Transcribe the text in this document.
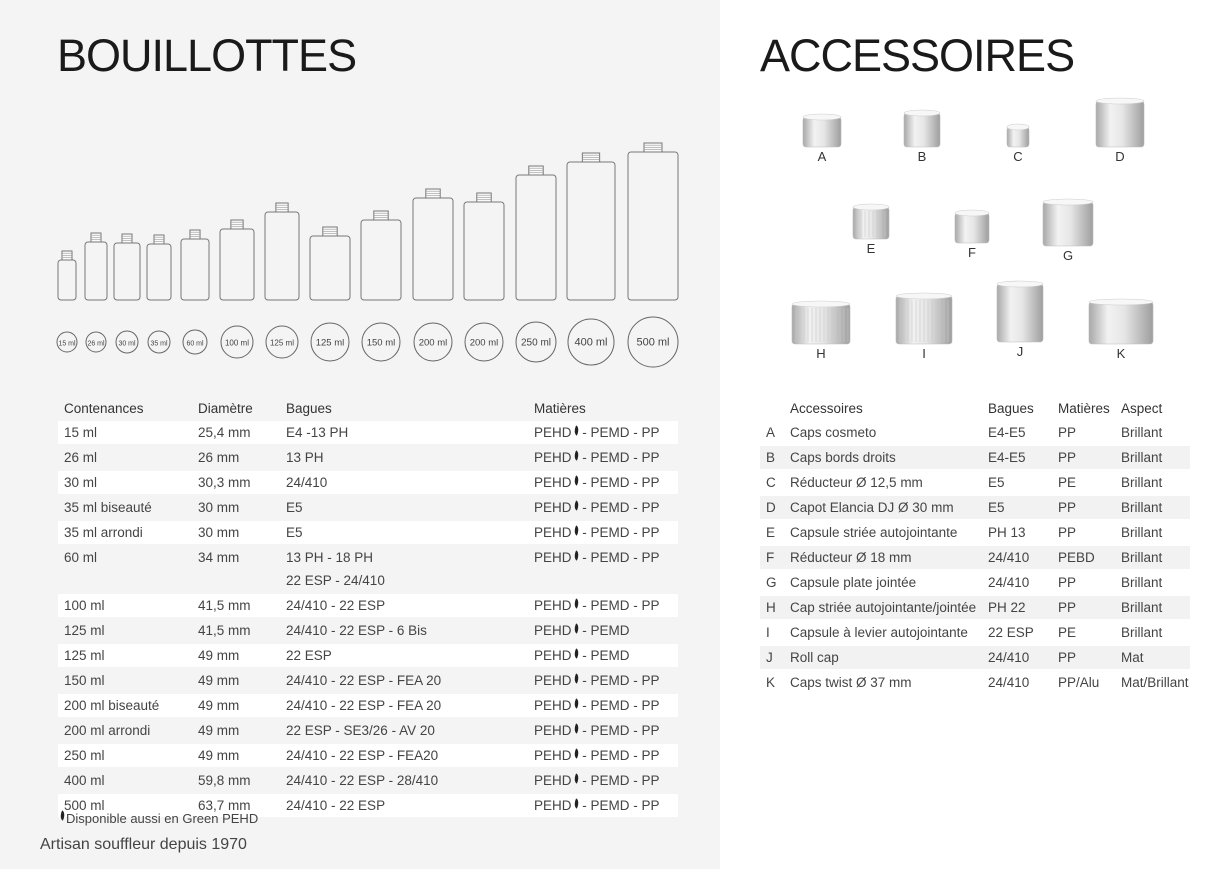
BOUILLOTTES	ACCESSOIRES
15 ml 26 ml 30 ml 35 ml	60 ml	100 ml	125 ml 125 ml 150 ml 200 ml 200 ml 250 ml 400 ml	500 ml
A	B	C	D
E	F	G
H	I	J	K
Contenances	Diamètre	Bagues	Matières
15 ml	25,4 mm	E4 -13 PH	PEHD - PEMD - PP
26 ml	26 mm	13 PH	PEHD - PEMD - PP
30 ml	30,3 mm	24/410	PEHD - PEMD - PP
35 ml biseauté	30 mm	E5	PEHD - PEMD - PP
35 ml arrondi	30 mm	E5	PEHD - PEMD - PP
60 ml	34 mm	13 PH - 18 PH	PEHD - PEMD - PP
		22 ESP - 24/410	
100 ml	41,5 mm	24/410 - 22 ESP	PEHD - PEMD - PP
125 ml	41,5 mm	24/410 - 22 ESP - 6 Bis	PEHD - PEMD
125 ml	49 mm	22 ESP	PEHD - PEMD
150 ml	49 mm	24/410 - 22 ESP - FEA 20	PEHD - PEMD - PP
200 ml biseauté	49 mm	24/410 - 22 ESP - FEA 20	PEHD - PEMD - PP
200 ml arrondi	49 mm	22 ESP - SE3/26 - AV 20	PEHD - PEMD - PP
250 ml	49 mm	24/410 - 22 ESP - FEA20	PEHD - PEMD - PP
400 ml	59,8 mm	24/410 - 22 ESP - 28/410	PEHD - PEMD - PP
500 ml	63,7 mm	24/410 - 22 ESP	PEHD - PEMD - PP
Disponible aussi en Green PEHD
Artisan souffleur depuis 1970
	Accessoires	Bagues	Matières	Aspect
A	Caps cosmeto	E4-E5	PP	Brillant
B	Caps bords droits	E4-E5	PP	Brillant
C	Réducteur Ø 12,5 mm	E5	PE	Brillant
D	Capot Elancia DJ Ø 30 mm	E5	PP	Brillant
E	Capsule striée autojointante	PH 13	PP	Brillant
F	Réducteur Ø 18 mm	24/410	PEBD	Brillant
G	Capsule plate jointée	24/410	PP	Brillant
H	Cap striée autojointante/jointée	PH 22	PP	Brillant
I	Capsule à levier autojointante	22 ESP	PE	Brillant
J	Roll cap	24/410	PP	Mat
K	Caps twist Ø 37 mm	24/410	PP/Alu	Mat/Brillant
